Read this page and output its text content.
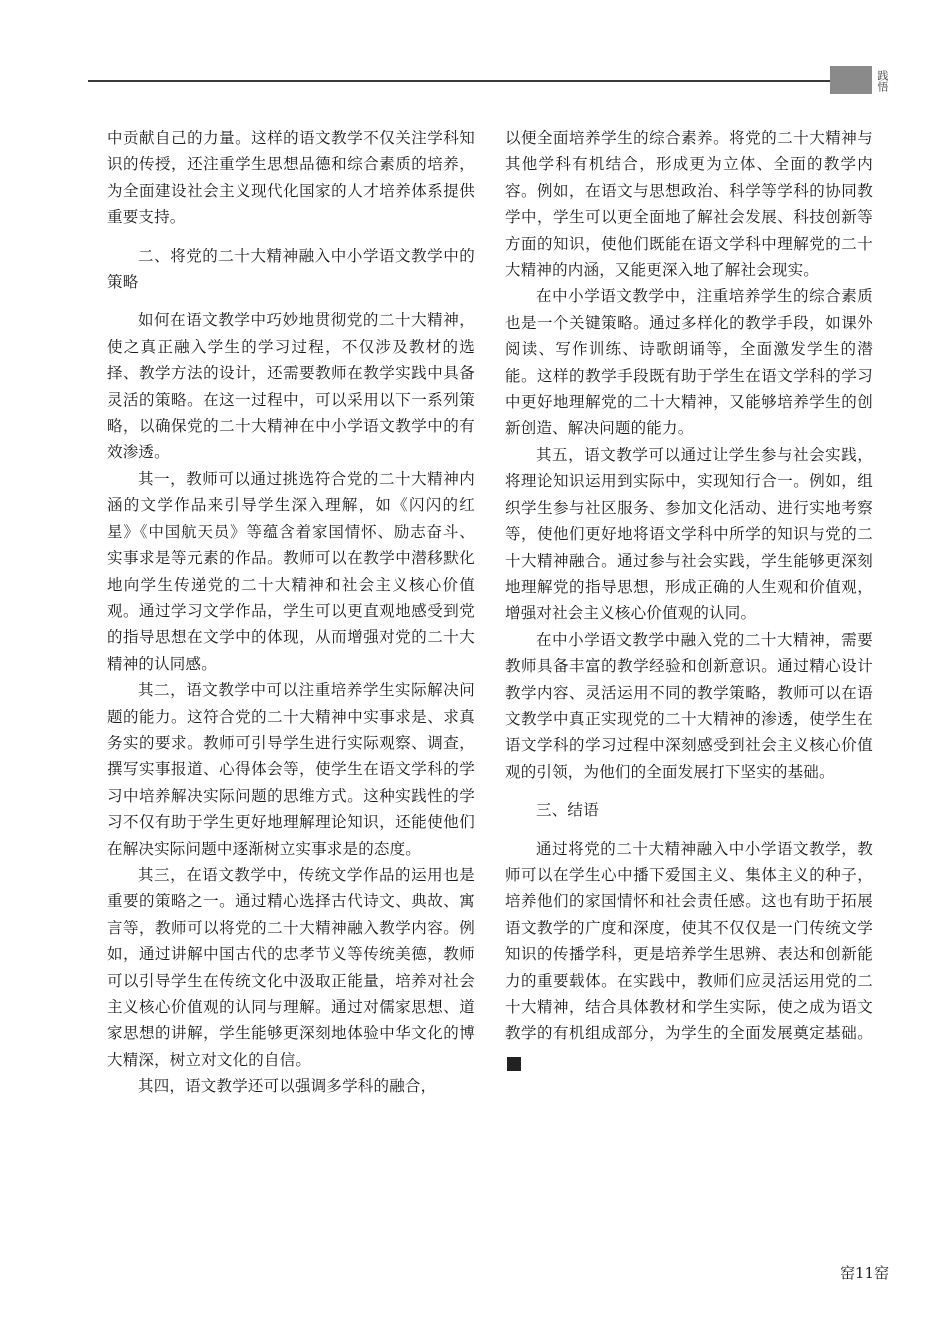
践悟

中贡献自己的力量。这样的语文教学不仅关注学科知识的传授，还注重学生思想品德和综合素质的培养，为全面建设社会主义现代化国家的人才培养体系提供重要支持。

二、将党的二十大精神融入中小学语文教学中的策略

如何在语文教学中巧妙地贯彻党的二十大精神，使之真正融入学生的学习过程，不仅涉及教材的选择、教学方法的设计，还需要教师在教学实践中具备灵活的策略。在这一过程中，可以采用以下一系列策略，以确保党的二十大精神在中小学语文教学中的有效渗透。

其一，教师可以通过挑选符合党的二十大精神内涵的文学作品来引导学生深入理解，如《闪闪的红星》《中国航天员》等蕴含着家国情怀、励志奋斗、实事求是等元素的作品。教师可以在教学中潜移默化地向学生传递党的二十大精神和社会主义核心价值观。通过学习文学作品，学生可以更直观地感受到党的指导思想在文学中的体现，从而增强对党的二十大精神的认同感。

其二，语文教学中可以注重培养学生实际解决问题的能力。这符合党的二十大精神中实事求是、求真务实的要求。教师可引导学生进行实际观察、调查，撰写实事报道、心得体会等，使学生在语文学科的学习中培养解决实际问题的思维方式。这种实践性的学习不仅有助于学生更好地理解理论知识，还能使他们在解决实际问题中逐渐树立实事求是的态度。

其三，在语文教学中，传统文学作品的运用也是重要的策略之一。通过精心选择古代诗文、典故、寓言等，教师可以将党的二十大精神融入教学内容。例如，通过讲解中国古代的忠孝节义等传统美德，教师可以引导学生在传统文化中汲取正能量，培养对社会主义核心价值观的认同与理解。通过对儒家思想、道家思想的讲解，学生能够更深刻地体验中华文化的博大精深，树立对文化的自信。

其四，语文教学还可以强调多学科的融合，

以便全面培养学生的综合素养。将党的二十大精神与其他学科有机结合，形成更为立体、全面的教学内容。例如，在语文与思想政治、科学等学科的协同教学中，学生可以更全面地了解社会发展、科技创新等方面的知识，使他们既能在语文学科中理解党的二十大精神的内涵，又能更深入地了解社会现实。

在中小学语文教学中，注重培养学生的综合素质也是一个关键策略。通过多样化的教学手段，如课外阅读、写作训练、诗歌朗诵等，全面激发学生的潜能。这样的教学手段既有助于学生在语文学科的学习中更好地理解党的二十大精神，又能够培养学生的创新创造、解决问题的能力。

其五，语文教学可以通过让学生参与社会实践，将理论知识运用到实际中，实现知行合一。例如，组织学生参与社区服务、参加文化活动、进行实地考察等，使他们更好地将语文学科中所学的知识与党的二十大精神融合。通过参与社会实践，学生能够更深刻地理解党的指导思想，形成正确的人生观和价值观，增强对社会主义核心价值观的认同。

在中小学语文教学中融入党的二十大精神，需要教师具备丰富的教学经验和创新意识。通过精心设计教学内容、灵活运用不同的教学策略，教师可以在语文教学中真正实现党的二十大精神的渗透，使学生在语文学科的学习过程中深刻感受到社会主义核心价值观的引领，为他们的全面发展打下坚实的基础。

三、结语

通过将党的二十大精神融入中小学语文教学，教师可以在学生心中播下爱国主义、集体主义的种子，培养他们的家国情怀和社会责任感。这也有助于拓展语文教学的广度和深度，使其不仅仅是一门传统文学知识的传播学科，更是培养学生思辨、表达和创新能力的重要载体。在实践中，教师们应灵活运用党的二十大精神，结合具体教材和学生实际，使之成为语文教学的有机组成部分，为学生的全面发展奠定基础。※

窑11窑
